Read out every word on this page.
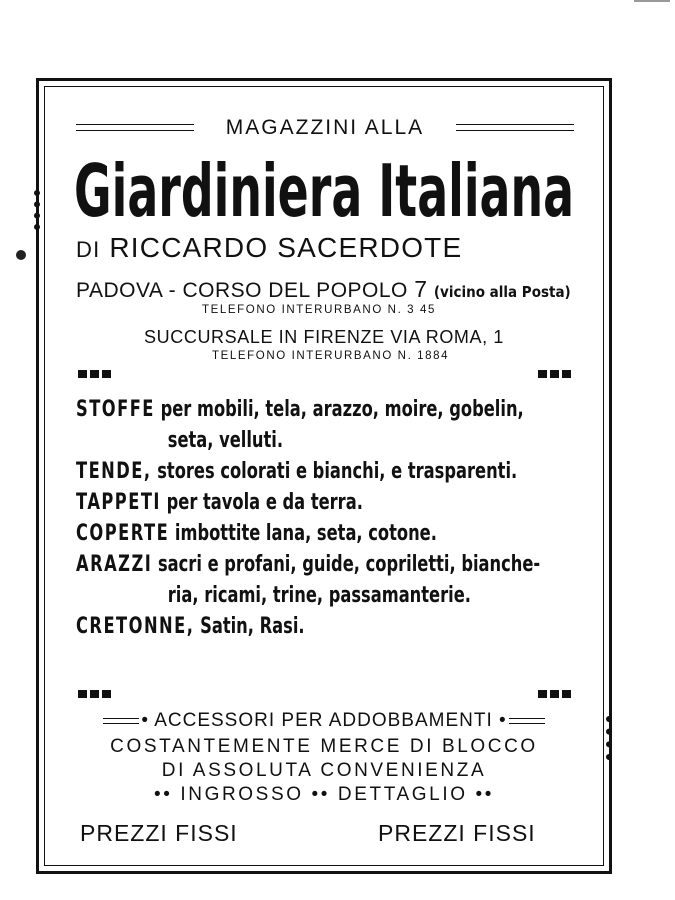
MAGAZZINI ALLA
Giardiniera Italiana
DI RICCARDO SACERDOTE
PADOVA - CORSO DEL POPOLO 7 (vicino alla Posta)
TELEFONO INTERURBANO N. 3 45
SUCCURSALE IN FIRENZE VIA ROMA, 1
TELEFONO INTERURBANO N. 1884
STOFFE per mobili, tela, arazzo, moire, gobelin,
seta, velluti.
TENDE, stores colorati e bianchi, e trasparenti.
TAPPETI per tavola e da terra.
COPERTE imbottite lana, seta, cotone.
ARAZZI sacri e profani, guide, copriletti, bianche-
ria, ricami, trine, passamanterie.
CRETONNE, Satin, Rasi.
• ACCESSORI PER ADDOBBAMENTI •
COSTANTEMENTE MERCE DI BLOCCO
DI ASSOLUTA CONVENIENZA
•• INGROSSO •• DETTAGLIO ••
PREZZI FISSI	PREZZI FISSI
